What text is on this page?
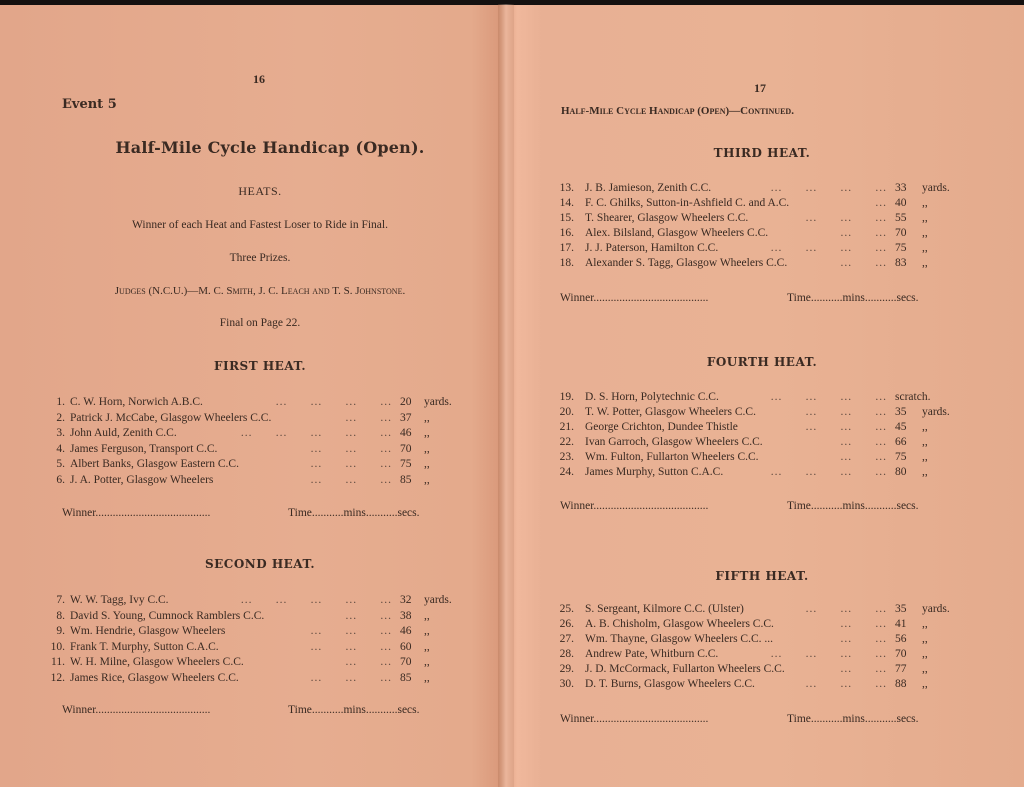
16
Event 5
Half-Mile Cycle Handicap (Open).
HEATS.
Winner of each Heat and Fastest Loser to Ride in Final.
Three Prizes.
Judges (N.C.U.)—M. C. Smith, J. C. Leach and T. S. Johnstone.
Final on Page 22.
FIRST HEAT.
1. C. W. Horn, Norwich A.B.C.	...      ...      ...      ... 20 yards.
2. Patrick J. McCabe, Glasgow Wheelers C.C.	...      ... 37 ,,
3. John Auld, Zenith C.C.	...      ...      ...      ...      ... 46 ,,
4. James Ferguson, Transport C.C.	...      ...      ... 70 ,,
5. Albert Banks, Glasgow Eastern C.C.	...      ...      ... 75 ,,
6. J. A. Potter, Glasgow Wheelers	...      ...      ... 85 ,,
Winner........................................	Time...........mins...........secs.
SECOND HEAT.
7. W. W. Tagg, Ivy C.C.	...      ...      ...      ...      ... 32 yards.
8. David S. Young, Cumnock Ramblers C.C.	...      ... 38 ,,
9. Wm. Hendrie, Glasgow Wheelers	...      ...      ... 46 ,,
10. Frank T. Murphy, Sutton C.A.C.	...      ...      ... 60 ,,
11. W. H. Milne, Glasgow Wheelers C.C.	...      ... 70 ,,
12. James Rice, Glasgow Wheelers C.C.	...      ...      ... 85 ,,
Winner........................................	Time...........mins...........secs.
17
Half-Mile Cycle Handicap (Open)—Continued.
THIRD HEAT.
13. J. B. Jamieson, Zenith C.C.	...      ...      ...      ... 33 yards.
14. F. C. Ghilks, Sutton-in-Ashfield C. and A.C.	... 40 ,,
15. T. Shearer, Glasgow Wheelers C.C.	...      ...      ... 55 ,,
16. Alex. Bilsland, Glasgow Wheelers C.C.	...      ... 70 ,,
17. J. J. Paterson, Hamilton C.C.	...      ...      ...      ... 75 ,,
18. Alexander S. Tagg, Glasgow Wheelers C.C.	...      ... 83 ,,
Winner........................................	Time...........mins...........secs.
FOURTH HEAT.
19. D. S. Horn, Polytechnic C.C.	...      ...      ...      ... scratch.
20. T. W. Potter, Glasgow Wheelers C.C.	...      ...      ... 35 yards.
21. George Crichton, Dundee Thistle	...      ...      ... 45 ,,
22. Ivan Garroch, Glasgow Wheelers C.C.	...      ... 66 ,,
23. Wm. Fulton, Fullarton Wheelers C.C.	...      ... 75 ,,
24. James Murphy, Sutton C.A.C.	...      ...      ...      ... 80 ,,
Winner........................................	Time...........mins...........secs.
FIFTH HEAT.
25. S. Sergeant, Kilmore C.C. (Ulster)	...      ...      ... 35 yards.
26. A. B. Chisholm, Glasgow Wheelers C.C.	...      ... 41 ,,
27. Wm. Thayne, Glasgow Wheelers C.C. ...	...      ... 56 ,,
28. Andrew Pate, Whitburn C.C.	...      ...      ...      ... 70 ,,
29. J. D. McCormack, Fullarton Wheelers C.C.	...      ... 77 ,,
30. D. T. Burns, Glasgow Wheelers C.C.	...      ...      ... 88 ,,
Winner........................................	Time...........mins...........secs.
